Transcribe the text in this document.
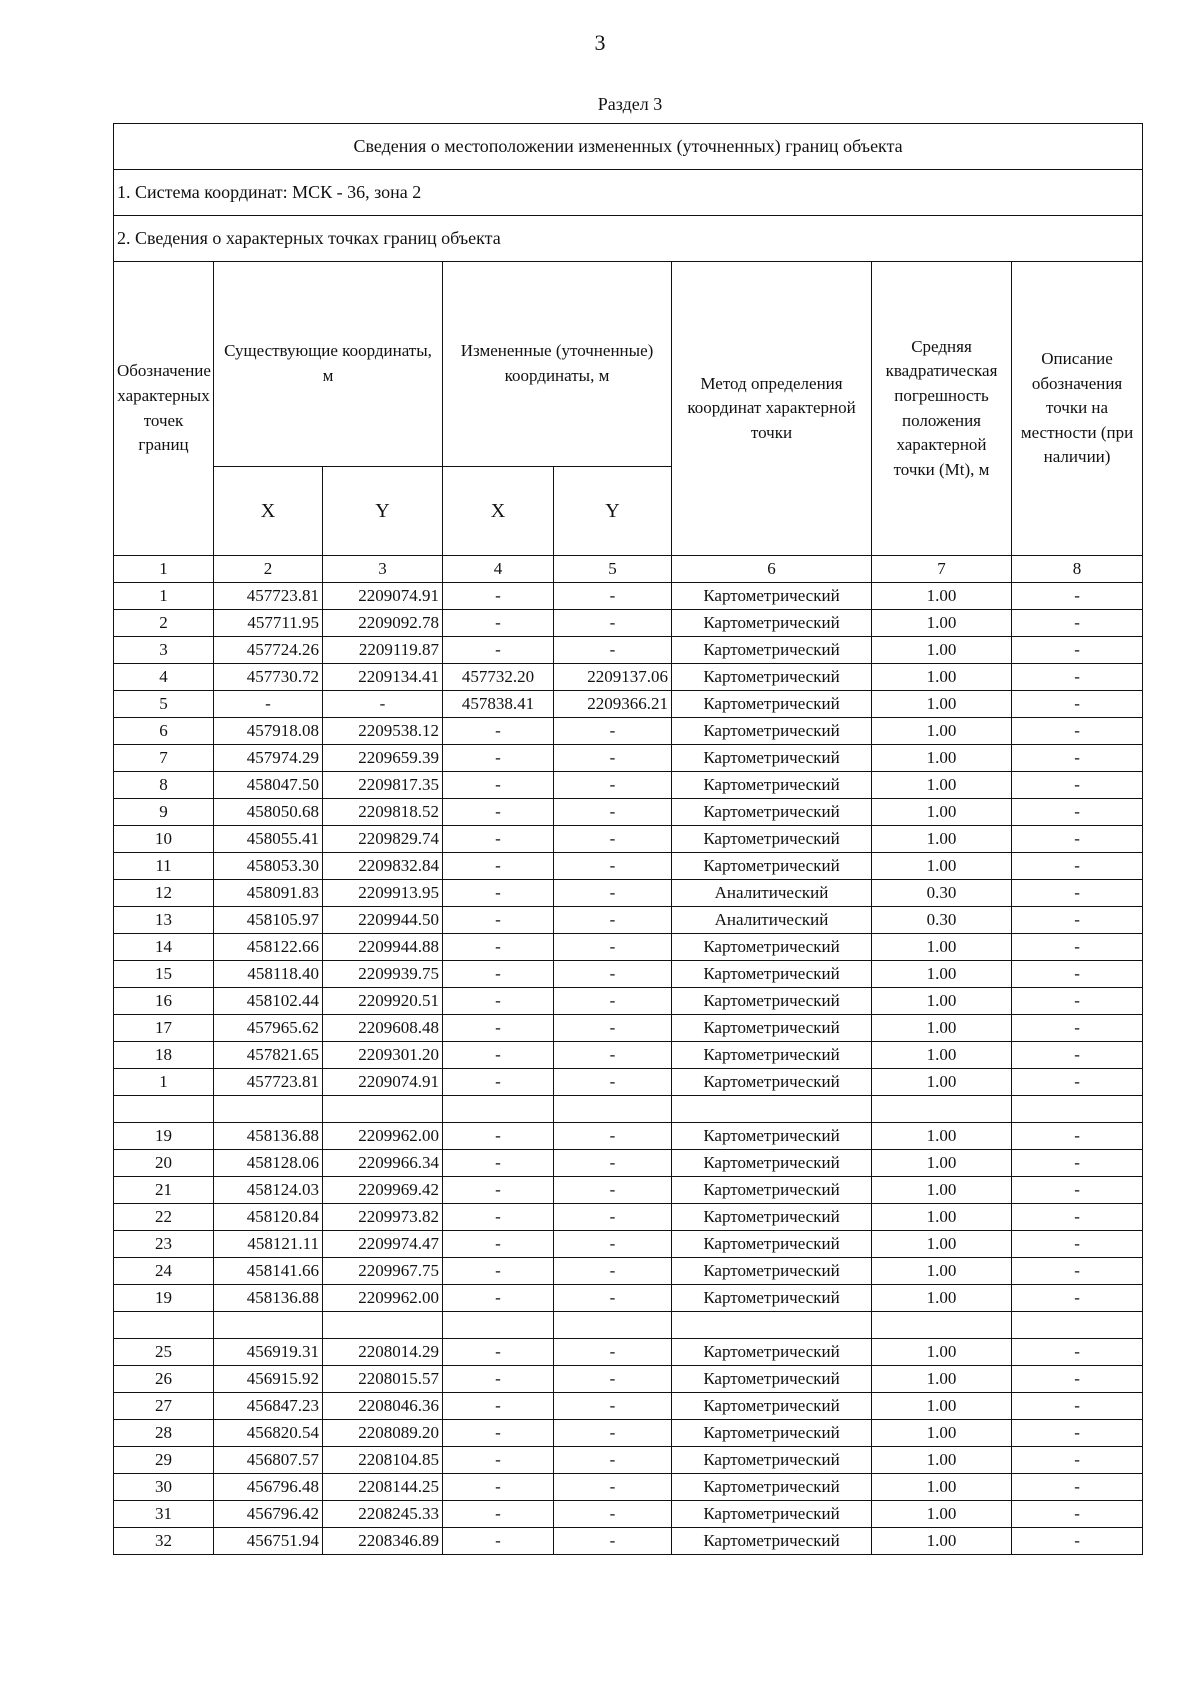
3
Раздел 3
Сведения о местоположении измененных (уточненных) границ объекта							
1. Система координат: МСК - 36, зона 2							
2. Сведения о характерных точках границ объекта							
Обозначение характерных точек границ	Существующие координаты, м		Измененные (уточненные) координаты, м		Метод определения координат характерной точки	Средняя квадратическая погрешность положения характерной точки (Mt), м	Описание обозначения точки на местности (при наличии)
	X	Y	X	Y			
1	2	3	4	5	6	7	8
1	457723.81	2209074.91	-	-	Картометрический	1.00	-
2	457711.95	2209092.78	-	-	Картометрический	1.00	-
3	457724.26	2209119.87	-	-	Картометрический	1.00	-
4	457730.72	2209134.41	457732.20	2209137.06	Картометрический	1.00	-
5	-	-	457838.41	2209366.21	Картометрический	1.00	-
6	457918.08	2209538.12	-	-	Картометрический	1.00	-
7	457974.29	2209659.39	-	-	Картометрический	1.00	-
8	458047.50	2209817.35	-	-	Картометрический	1.00	-
9	458050.68	2209818.52	-	-	Картометрический	1.00	-
10	458055.41	2209829.74	-	-	Картометрический	1.00	-
11	458053.30	2209832.84	-	-	Картометрический	1.00	-
12	458091.83	2209913.95	-	-	Аналитический	0.30	-
13	458105.97	2209944.50	-	-	Аналитический	0.30	-
14	458122.66	2209944.88	-	-	Картометрический	1.00	-
15	458118.40	2209939.75	-	-	Картометрический	1.00	-
16	458102.44	2209920.51	-	-	Картометрический	1.00	-
17	457965.62	2209608.48	-	-	Картометрический	1.00	-
18	457821.65	2209301.20	-	-	Картометрический	1.00	-
1	457723.81	2209074.91	-	-	Картометрический	1.00	-

19	458136.88	2209962.00	-	-	Картометрический	1.00	-
20	458128.06	2209966.34	-	-	Картометрический	1.00	-
21	458124.03	2209969.42	-	-	Картометрический	1.00	-
22	458120.84	2209973.82	-	-	Картометрический	1.00	-
23	458121.11	2209974.47	-	-	Картометрический	1.00	-
24	458141.66	2209967.75	-	-	Картометрический	1.00	-
19	458136.88	2209962.00	-	-	Картометрический	1.00	-

25	456919.31	2208014.29	-	-	Картометрический	1.00	-
26	456915.92	2208015.57	-	-	Картометрический	1.00	-
27	456847.23	2208046.36	-	-	Картометрический	1.00	-
28	456820.54	2208089.20	-	-	Картометрический	1.00	-
29	456807.57	2208104.85	-	-	Картометрический	1.00	-
30	456796.48	2208144.25	-	-	Картометрический	1.00	-
31	456796.42	2208245.33	-	-	Картометрический	1.00	-
32	456751.94	2208346.89	-	-	Картометрический	1.00	-
